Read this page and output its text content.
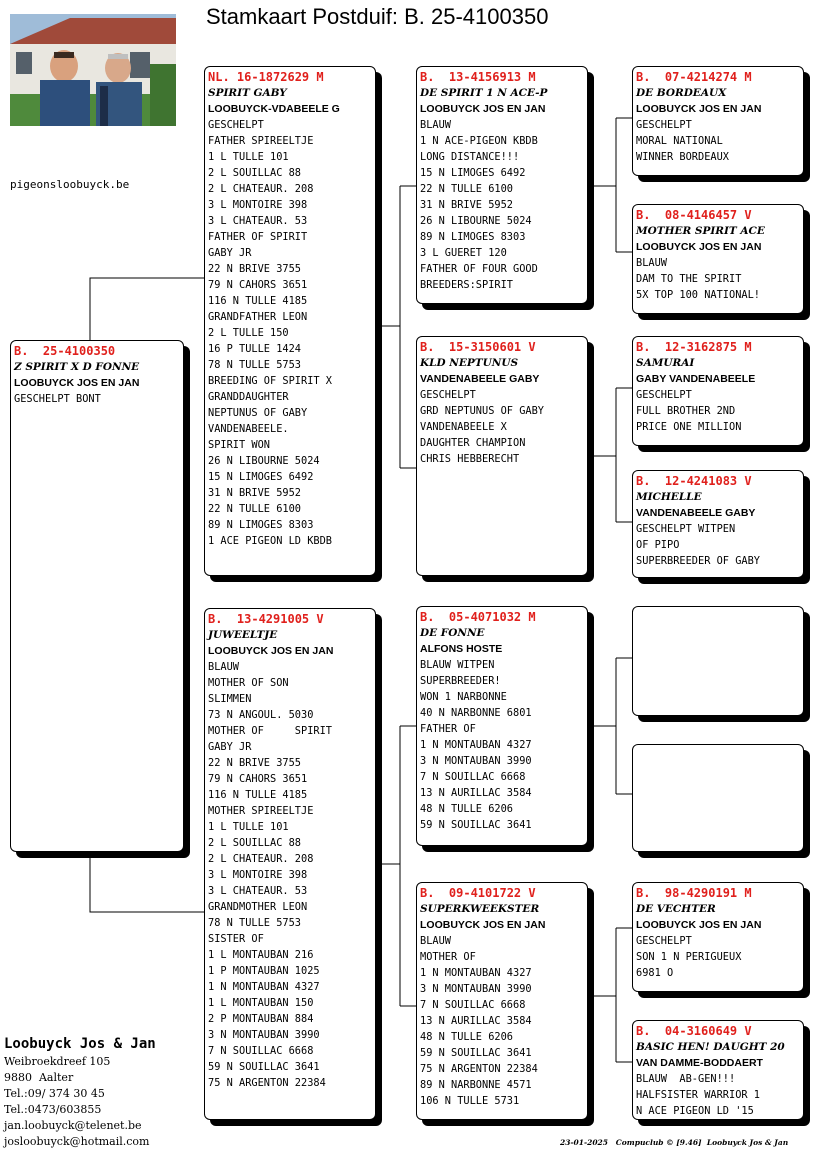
Stamkaart Postduif: B. 25-4100350
pigeonsloobuyck.be
B.  25-4100350
Z SPIRIT X D FONNE
LOOBUYCK JOS EN JAN
GESCHELPT BONT
NL. 16-1872629 M
SPIRIT GABY
LOOBUYCK-VDABEELE G
GESCHELPT
FATHER SPIREELTJE
1 L TULLE 101
2 L SOUILLAC 88
2 L CHATEAUR. 208
3 L MONTOIRE 398
3 L CHATEAUR. 53
FATHER OF SPIRIT
GABY JR
22 N BRIVE 3755
79 N CAHORS 3651
116 N TULLE 4185
GRANDFATHER LEON
2 L TULLE 150
16 P TULLE 1424
78 N TULLE 5753
BREEDING OF SPIRIT X
GRANDDAUGHTER
NEPTUNUS OF GABY
VANDENABEELE.
SPIRIT WON
26 N LIBOURNE 5024
15 N LIMOGES 6492
31 N BRIVE 5952
22 N TULLE 6100
89 N LIMOGES 8303
1 ACE PIGEON LD KBDB
B.  13-4291005 V
JUWEELTJE
LOOBUYCK JOS EN JAN
BLAUW
MOTHER OF SON
SLIMMEN
73 N ANGOUL. 5030
MOTHER OF     SPIRIT
GABY JR
22 N BRIVE 3755
79 N CAHORS 3651
116 N TULLE 4185
MOTHER SPIREELTJE
1 L TULLE 101
2 L SOUILLAC 88
2 L CHATEAUR. 208
3 L MONTOIRE 398
3 L CHATEAUR. 53
GRANDMOTHER LEON
78 N TULLE 5753
SISTER OF
1 L MONTAUBAN 216
1 P MONTAUBAN 1025
1 N MONTAUBAN 4327
1 L MONTAUBAN 150
2 P MONTAUBAN 884
3 N MONTAUBAN 3990
7 N SOUILLAC 6668
59 N SOUILLAC 3641
75 N ARGENTON 22384
B.  13-4156913 M
DE SPIRIT 1 N ACE-P
LOOBUYCK JOS EN JAN
BLAUW
1 N ACE-PIGEON KBDB
LONG DISTANCE!!!
15 N LIMOGES 6492
22 N TULLE 6100
31 N BRIVE 5952
26 N LIBOURNE 5024
89 N LIMOGES 8303
3 L GUERET 120
FATHER OF FOUR GOOD
BREEDERS:SPIRIT
B.  15-3150601 V
KLD NEPTUNUS
VANDENABEELE GABY
GESCHELPT
GRD NEPTUNUS OF GABY
VANDENABEELE X
DAUGHTER CHAMPION
CHRIS HEBBERECHT
B.  05-4071032 M
DE FONNE
ALFONS HOSTE
BLAUW WITPEN
SUPERBREEDER!
WON 1 NARBONNE
40 N NARBONNE 6801
FATHER OF
1 N MONTAUBAN 4327
3 N MONTAUBAN 3990
7 N SOUILLAC 6668
13 N AURILLAC 3584
48 N TULLE 6206
59 N SOUILLAC 3641
B.  09-4101722 V
SUPERKWEEKSTER
LOOBUYCK JOS EN JAN
BLAUW
MOTHER OF
1 N MONTAUBAN 4327
3 N MONTAUBAN 3990
7 N SOUILLAC 6668
13 N AURILLAC 3584
48 N TULLE 6206
59 N SOUILLAC 3641
75 N ARGENTON 22384
89 N NARBONNE 4571
106 N TULLE 5731
B.  07-4214274 M
DE BORDEAUX
LOOBUYCK JOS EN JAN
GESCHELPT
MORAL NATIONAL
WINNER BORDEAUX
B.  08-4146457 V
MOTHER SPIRIT ACE
LOOBUYCK JOS EN JAN
BLAUW
DAM TO THE SPIRIT
5X TOP 100 NATIONAL!
B.  12-3162875 M
SAMURAI
GABY VANDENABEELE
GESCHELPT
FULL BROTHER 2ND
PRICE ONE MILLION
B.  12-4241083 V
MICHELLE
VANDENABEELE GABY
GESCHELPT WITPEN
OF PIPO
SUPERBREEDER OF GABY
B.  98-4290191 M
DE VECHTER
LOOBUYCK JOS EN JAN
GESCHELPT
SON 1 N PERIGUEUX
6981 O
B.  04-3160649 V
BASIC HEN! DAUGHT 20
VAN DAMME-BODDAERT
BLAUW  AB-GEN!!!
HALFSISTER WARRIOR 1
N ACE PIGEON LD '15
Loobuyck Jos & Jan
Weibroekdreef 105
9880  Aalter
Tel.:09/ 374 30 45
Tel.:0473/603855
jan.loobuyck@telenet.be
josloobuyck@hotmail.com	23-01-2025   Compuclub © [9.46]  Loobuyck Jos & Jan
